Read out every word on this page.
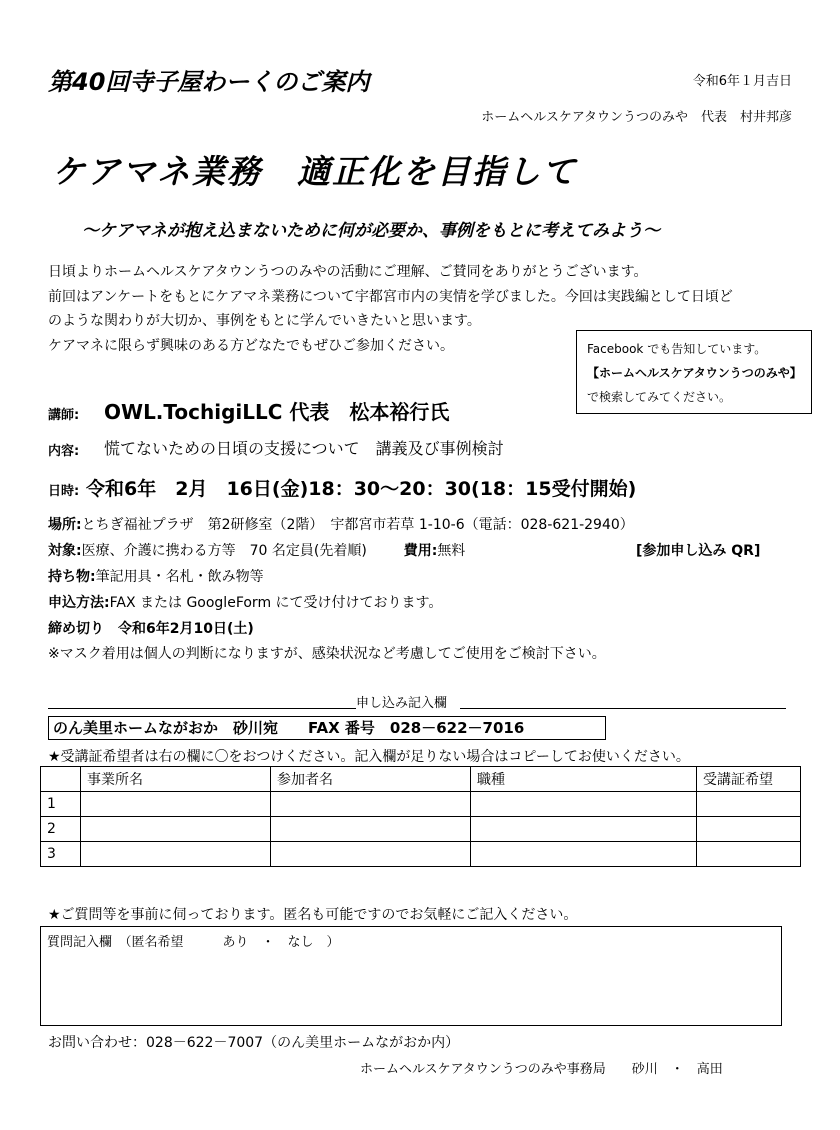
第40回寺子屋わーくのご案内	令和6年１月吉日
ホームヘルスケアタウンうつのみや　代表　村井邦彦
ケアマネ業務　適正化を目指して
～ケアマネが抱え込まないために何が必要か、事例をもとに考えてみよう～
日頃よりホームヘルスケアタウンうつのみやの活動にご理解、ご賛同をありがとうございます。
前回はアンケートをもとにケアマネ業務について宇都宮市内の実情を学びました。今回は実践編として日頃ど
のような関わりが大切か、事例をもとに学んでいきたいと思います。
ケアマネに限らず興味のある方どなたでもぜひご参加ください。	Facebook でも告知しています。
【ホームヘルスケアタウンうつのみや】
で検索してみてください。
講師: OWL.TochigiLLC 代表　松本裕行氏
内容: 慌てないための日頃の支援について　講義及び事例検討
日時: 令和6年　2月　16日(金)18：30～20：30(18：15受付開始)
場所:とちぎ福祉プラザ　第2研修室（2階）　宇都宮市若草 1-10-6（電話：028-621-2940）
対象:医療、介護に携わる方等　70 名定員(先着順)	費用:無料	[参加申し込み QR]
持ち物:筆記用具・名札・飲み物等
申込方法:FAX または GoogleForm にて受け付けております。
締め切り　令和6年2月10日(土)
※マスク着用は個人の判断になりますが、感染状況など考慮してご使用をご検討下さい。
申し込み記入欄
のん美里ホームながおか　砂川宛　　FAX 番号　028－622－7016
★受講証希望者は右の欄に〇をおつけください。記入欄が足りない場合はコピーしてお使いください。
	事業所名	参加者名	職種	受講証希望
1				
2				
3				
★ご質問等を事前に伺っております。匿名も可能ですのでお気軽にご記入ください。
質問記入欄　（匿名希望　　　あり　・　なし　）
お問い合わせ：028－622－7007（のん美里ホームながおか内）
ホームヘルスケアタウンうつのみや事務局　　砂川　・　高田
